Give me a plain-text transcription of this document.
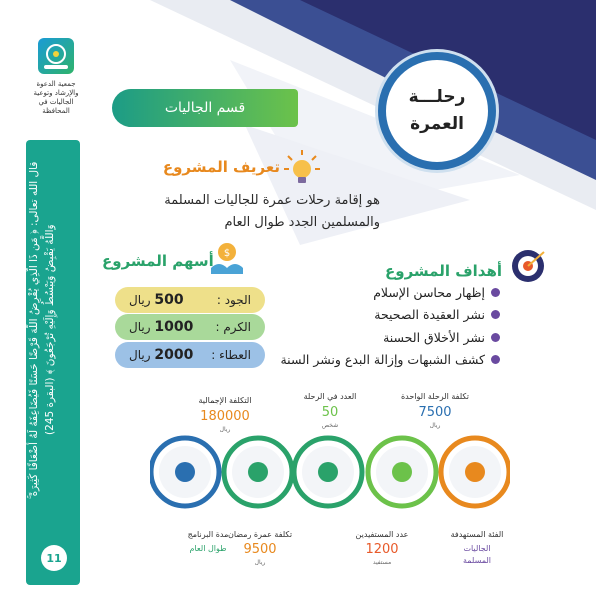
جمعية الدعوة والإرشاد وتوعية الجاليات في المحافظة
رحلـــة
العمرة
قسم الجاليات
قال الله تعالى: ﴿ مَن ذَا الَّذِي يُقْرِضُ اللَّهَ قَرْضًا حَسَنًا فَيُضَاعِفَهُ لَهُ أَضْعَافًا كَثِيرَةً ۚ وَاللَّهُ يَقْبِضُ وَيَبْسُطُ وَإِلَيْهِ تُرْجَعُونَ ﴾ (البقرة 245)
11
تعريف المشروع
هو إقامة رحلات عمرة للجاليات المسلمة
والمسلمين الجدد طوال العام
$
أسهم المشروع
الجود :
500 ريال
الكرم :
1000 ريال
العطاء :
2000 ريال
أهداف المشروع
إظهار محاسن الإسلام
نشر العقيدة الصحيحة
نشر الأخلاق الحسنة
كشف الشبهات وإزالة البدع ونشر السنة
تكلفة الرحلة الواحدة
7500
ريال
العدد في الرحلة
50
شخص
التكلفة الإجمالية
180000
ريال
الفئة المستهدفة
الجاليات
المسلمة
عدد المستفيدين
1200
مستفيد
تكلفة عمرة رمضان
9500
ريال
مدة البرنامج
طوال العام
